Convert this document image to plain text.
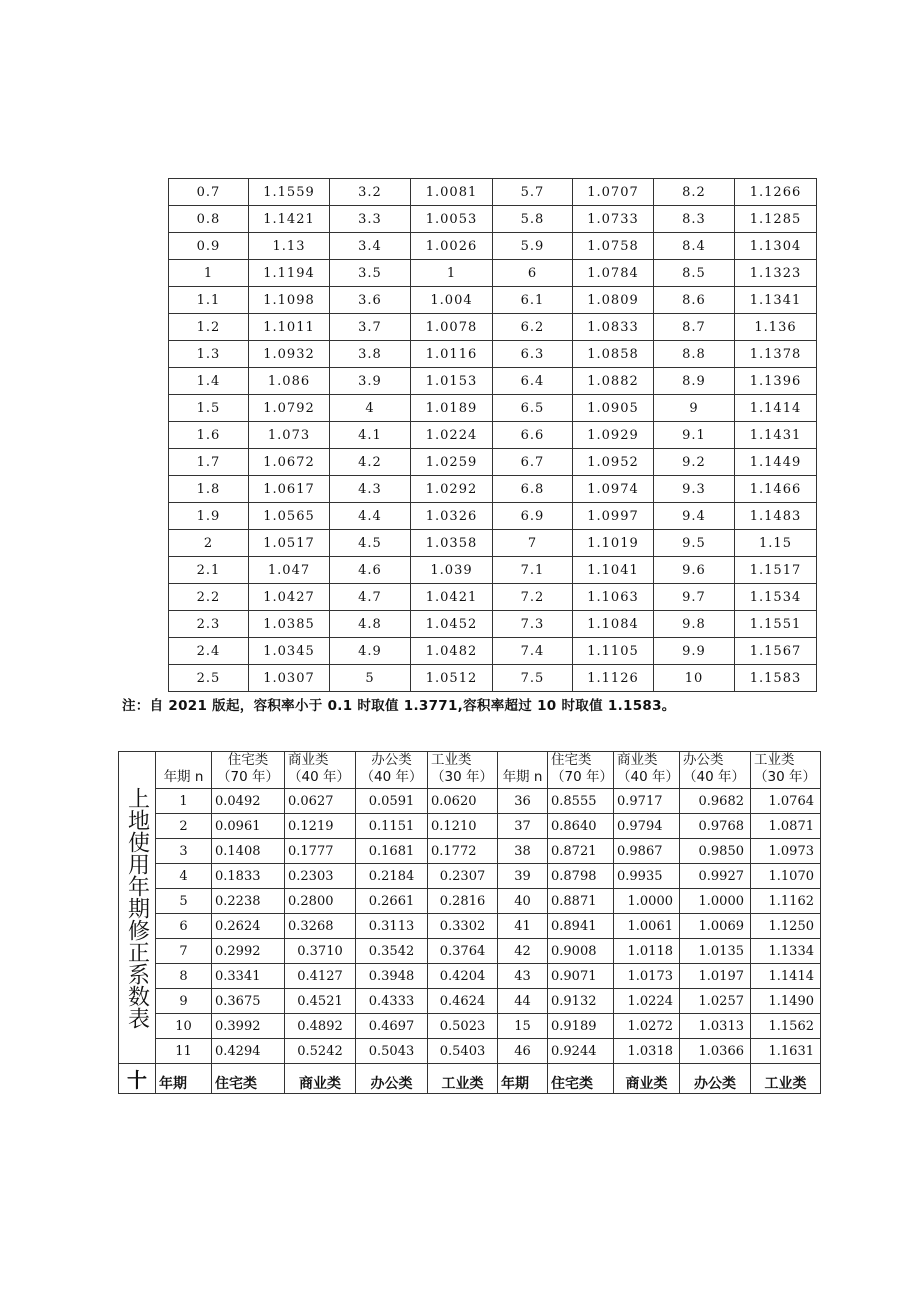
0.7	1.1559	3.2	1.0081	5.7	1.0707	8.2	1.1266
0.8	1.1421	3.3	1.0053	5.8	1.0733	8.3	1.1285
0.9	1.13	3.4	1.0026	5.9	1.0758	8.4	1.1304
1	1.1194	3.5	1	6	1.0784	8.5	1.1323
1.1	1.1098	3.6	1.004	6.1	1.0809	8.6	1.1341
1.2	1.1011	3.7	1.0078	6.2	1.0833	8.7	1.136
1.3	1.0932	3.8	1.0116	6.3	1.0858	8.8	1.1378
1.4	1.086	3.9	1.0153	6.4	1.0882	8.9	1.1396
1.5	1.0792	4	1.0189	6.5	1.0905	9	1.1414
1.6	1.073	4.1	1.0224	6.6	1.0929	9.1	1.1431
1.7	1.0672	4.2	1.0259	6.7	1.0952	9.2	1.1449
1.8	1.0617	4.3	1.0292	6.8	1.0974	9.3	1.1466
1.9	1.0565	4.4	1.0326	6.9	1.0997	9.4	1.1483
2	1.0517	4.5	1.0358	7	1.1019	9.5	1.15
2.1	1.047	4.6	1.039	7.1	1.1041	9.6	1.1517
2.2	1.0427	4.7	1.0421	7.2	1.1063	9.7	1.1534
2.3	1.0385	4.8	1.0452	7.3	1.1084	9.8	1.1551
2.4	1.0345	4.9	1.0482	7.4	1.1105	9.9	1.1567
2.5	1.0307	5	1.0512	7.5	1.1126	10	1.1583
注：自 2021 版起，容积率小于 0.1 时取值 1.3771,容积率超过 10 时取值 1.1583。
上地使用年期修正系数表	年期 n	住宅类（70 年）	商业类（40 年）	办公类（40 年）	工业类（30 年）	年期 n	住宅类（70 年）	商业类（40 年）	办公类（40 年）	工业类（30 年）
	1	0.0492	0.0627	0.0591	0.0620	36	0.8555	0.9717	0.9682	1.0764
	2	0.0961	0.1219	0.1151	0.1210	37	0.8640	0.9794	0.9768	1.0871
	3	0.1408	0.1777	0.1681	0.1772	38	0.8721	0.9867	0.9850	1.0973
	4	0.1833	0.2303	0.2184	0.2307	39	0.8798	0.9935	0.9927	1.1070
	5	0.2238	0.2800	0.2661	0.2816	40	0.8871	1.0000	1.0000	1.1162
	6	0.2624	0.3268	0.3113	0.3302	41	0.8941	1.0061	1.0069	1.1250
	7	0.2992	0.3710	0.3542	0.3764	42	0.9008	1.0118	1.0135	1.1334
	8	0.3341	0.4127	0.3948	0.4204	43	0.9071	1.0173	1.0197	1.1414
	9	0.3675	0.4521	0.4333	0.4624	44	0.9132	1.0224	1.0257	1.1490
	10	0.3992	0.4892	0.4697	0.5023	15	0.9189	1.0272	1.0313	1.1562
	11	0.4294	0.5242	0.5043	0.5403	46	0.9244	1.0318	1.0366	1.1631
十	年期	住宅类	商业类	办公类	工业类	年期	住宅类	商业类	办公类	工业类
